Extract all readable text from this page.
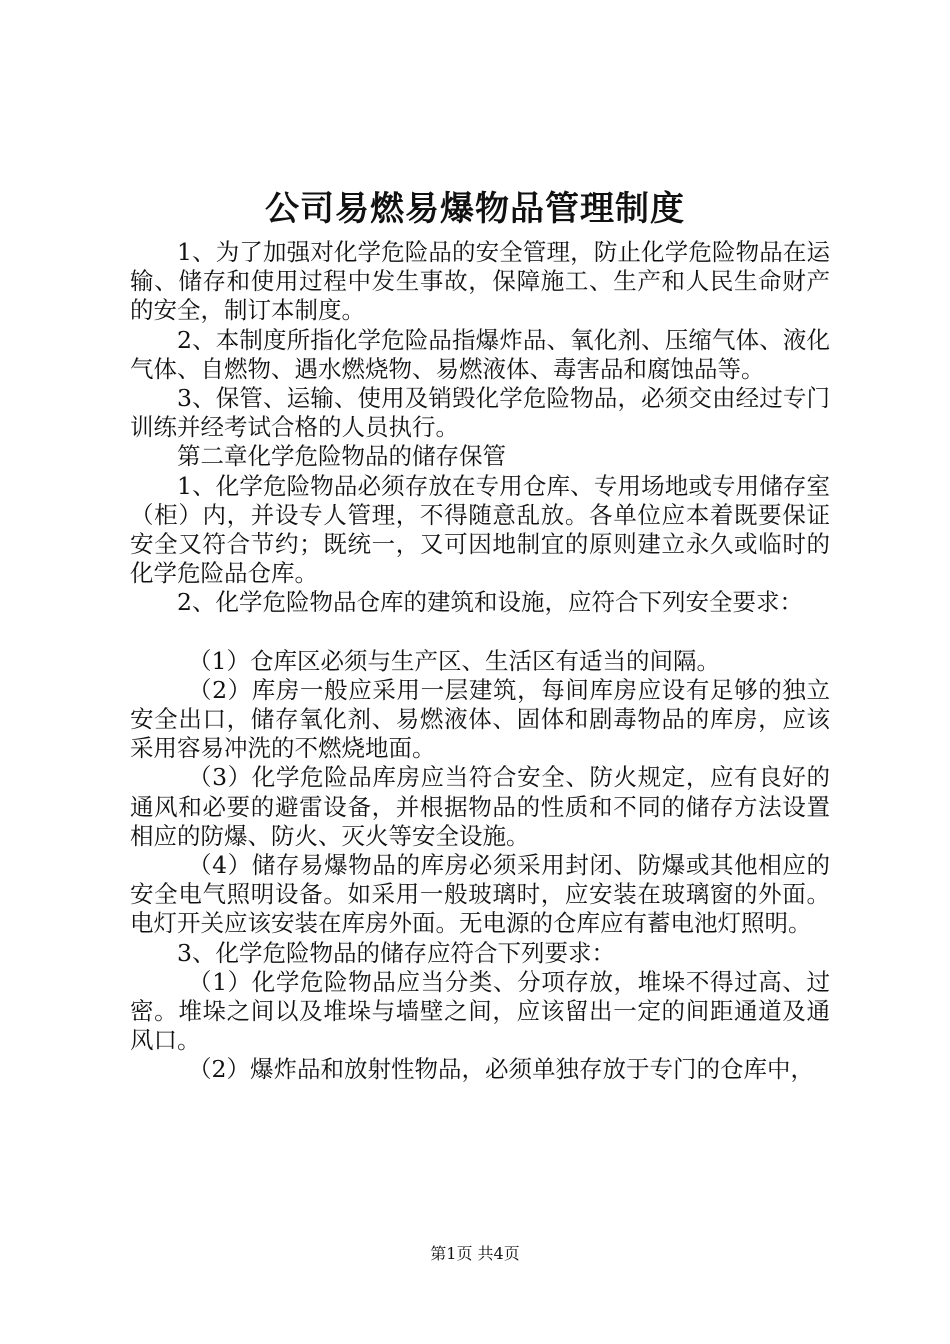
公司易燃易爆物品管理制度

1、为了加强对化学危险品的安全管理，防止化学危险物品在运输、储存和使用过程中发生事故，保障施工、生产和人民生命财产的安全，制订本制度。

2、本制度所指化学危险品指爆炸品、氧化剂、压缩气体、液化气体、自燃物、遇水燃烧物、易燃液体、毒害品和腐蚀品等。

3、保管、运输、使用及销毁化学危险物品，必须交由经过专门训练并经考试合格的人员执行。

第二章化学危险物品的储存保管

1、化学危险物品必须存放在专用仓库、专用场地或专用储存室（柜）内，并设专人管理，不得随意乱放。各单位应本着既要保证安全又符合节约；既统一，又可因地制宜的原则建立永久或临时的化学危险品仓库。

2、化学危险物品仓库的建筑和设施，应符合下列安全要求：

（1）仓库区必须与生产区、生活区有适当的间隔。

（2）库房一般应采用一层建筑，每间库房应设有足够的独立安全出口，储存氧化剂、易燃液体、固体和剧毒物品的库房，应该采用容易冲洗的不燃烧地面。

（3）化学危险品库房应当符合安全、防火规定，应有良好的通风和必要的避雷设备，并根据物品的性质和不同的储存方法设置相应的防爆、防火、灭火等安全设施。

（4）储存易爆物品的库房必须采用封闭、防爆或其他相应的安全电气照明设备。如采用一般玻璃时，应安装在玻璃窗的外面。电灯开关应该安装在库房外面。无电源的仓库应有蓄电池灯照明。

3、化学危险物品的储存应符合下列要求：

（1）化学危险物品应当分类、分项存放，堆垛不得过高、过密。堆垛之间以及堆垛与墙壁之间，应该留出一定的间距通道及通风口。

（2）爆炸品和放射性物品，必须单独存放于专门的仓库中，

第1页 共4页
